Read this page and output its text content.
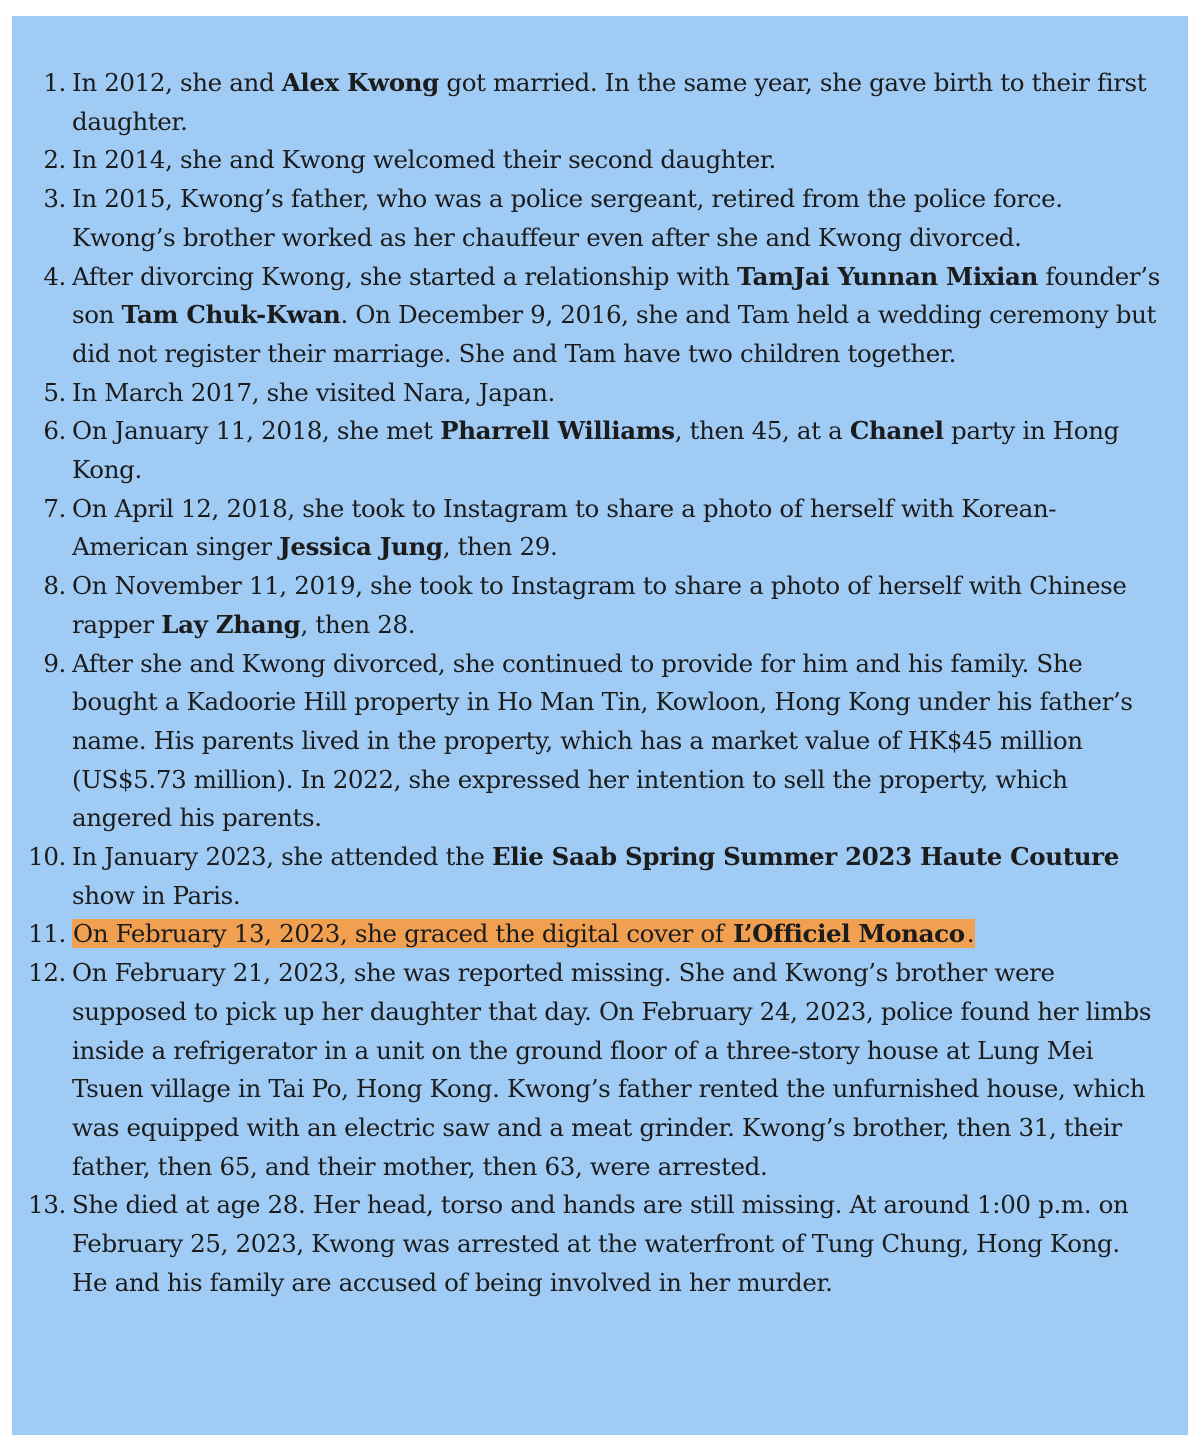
1. In 2012, she and Alex Kwong got married. In the same year, she gave birth to their first daughter.
2. In 2014, she and Kwong welcomed their second daughter.
3. In 2015, Kwong’s father, who was a police sergeant, retired from the police force. Kwong’s brother worked as her chauffeur even after she and Kwong divorced.
4. After divorcing Kwong, she started a relationship with TamJai Yunnan Mixian founder’s son Tam Chuk-Kwan. On December 9, 2016, she and Tam held a wedding ceremony but did not register their marriage. She and Tam have two children together.
5. In March 2017, she visited Nara, Japan.
6. On January 11, 2018, she met Pharrell Williams, then 45, at a Chanel party in Hong Kong.
7. On April 12, 2018, she took to Instagram to share a photo of herself with Korean-American singer Jessica Jung, then 29.
8. On November 11, 2019, she took to Instagram to share a photo of herself with Chinese rapper Lay Zhang, then 28.
9. After she and Kwong divorced, she continued to provide for him and his family. She bought a Kadoorie Hill property in Ho Man Tin, Kowloon, Hong Kong under his father’s name. His parents lived in the property, which has a market value of HK$45 million (US$5.73 million). In 2022, she expressed her intention to sell the property, which angered his parents.
10. In January 2023, she attended the Elie Saab Spring Summer 2023 Haute Couture show in Paris.
11. On February 13, 2023, she graced the digital cover of L’Officiel Monaco.
12. On February 21, 2023, she was reported missing. She and Kwong’s brother were supposed to pick up her daughter that day. On February 24, 2023, police found her limbs inside a refrigerator in a unit on the ground floor of a three-story house at Lung Mei Tsuen village in Tai Po, Hong Kong. Kwong’s father rented the unfurnished house, which was equipped with an electric saw and a meat grinder. Kwong’s brother, then 31, their father, then 65, and their mother, then 63, were arrested.
13. She died at age 28. Her head, torso and hands are still missing. At around 1:00 p.m. on February 25, 2023, Kwong was arrested at the waterfront of Tung Chung, Hong Kong. He and his family are accused of being involved in her murder.
